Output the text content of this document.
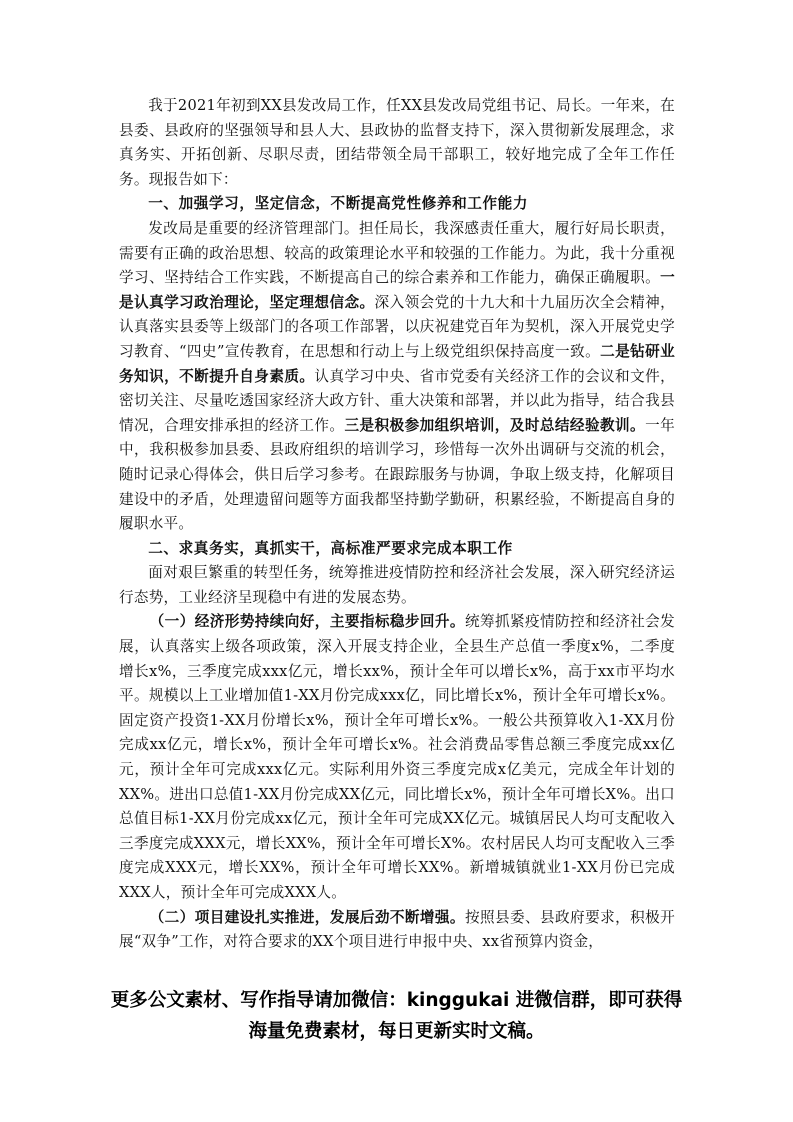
我于2021年初到XX县发改局工作，任XX县发改局党组书记、局长。一年来，在县委、县政府的坚强领导和县人大、县政协的监督支持下，深入贯彻新发展理念，求真务实、开拓创新、尽职尽责，团结带领全局干部职工，较好地完成了全年工作任务。现报告如下：

一、加强学习，坚定信念，不断提高党性修养和工作能力

发改局是重要的经济管理部门。担任局长，我深感责任重大，履行好局长职责，需要有正确的政治思想、较高的政策理论水平和较强的工作能力。为此，我十分重视学习、坚持结合工作实践，不断提高自己的综合素养和工作能力，确保正确履职。一是认真学习政治理论，坚定理想信念。深入领会党的十九大和十九届历次全会精神，认真落实县委等上级部门的各项工作部署，以庆祝建党百年为契机，深入开展党史学习教育、“四史”宣传教育，在思想和行动上与上级党组织保持高度一致。二是钻研业务知识，不断提升自身素质。认真学习中央、省市党委有关经济工作的会议和文件，密切关注、尽量吃透国家经济大政方针、重大决策和部署，并以此为指导，结合我县情况，合理安排承担的经济工作。三是积极参加组织培训，及时总结经验教训。一年中，我积极参加县委、县政府组织的培训学习，珍惜每一次外出调研与交流的机会，随时记录心得体会，供日后学习参考。在跟踪服务与协调，争取上级支持，化解项目建设中的矛盾，处理遗留问题等方面我都坚持勤学勤研，积累经验，不断提高自身的履职水平。

二、求真务实，真抓实干，高标准严要求完成本职工作

面对艰巨繁重的转型任务，统筹推进疫情防控和经济社会发展，深入研究经济运行态势，工业经济呈现稳中有进的发展态势。

（一）经济形势持续向好，主要指标稳步回升。统筹抓紧疫情防控和经济社会发展，认真落实上级各项政策，深入开展支持企业，全县生产总值一季度x%，二季度增长x%，三季度完成xxx亿元，增长xx%，预计全年可以增长x%，高于xx市平均水平。规模以上工业增加值1-XX月份完成xxx亿，同比增长x%，预计全年可增长x%。固定资产投资1-XX月份增长x%，预计全年可增长x%。一般公共预算收入1-XX月份完成xx亿元，增长x%，预计全年可增长x%。社会消费品零售总额三季度完成xx亿元，预计全年可完成xxx亿元。实际利用外资三季度完成x亿美元，完成全年计划的XX%。进出口总值1-XX月份完成XX亿元，同比增长x%，预计全年可增长X%。出口总值目标1-XX月份完成xx亿元，预计全年可完成XX亿元。城镇居民人均可支配收入三季度完成XXX元，增长XX%，预计全年可增长X%。农村居民人均可支配收入三季度完成XXX元，增长XX%，预计全年可增长XX%。新增城镇就业1-XX月份已完成XXX人，预计全年可完成XXX人。

（二）项目建设扎实推进，发展后劲不断增强。按照县委、县政府要求，积极开展“双争”工作，对符合要求的XX个项目进行申报中央、xx省预算内资金，

更多公文素材、写作指导请加微信：kinggukai 进微信群，即可获得
海量免费素材，每日更新实时文稿。
